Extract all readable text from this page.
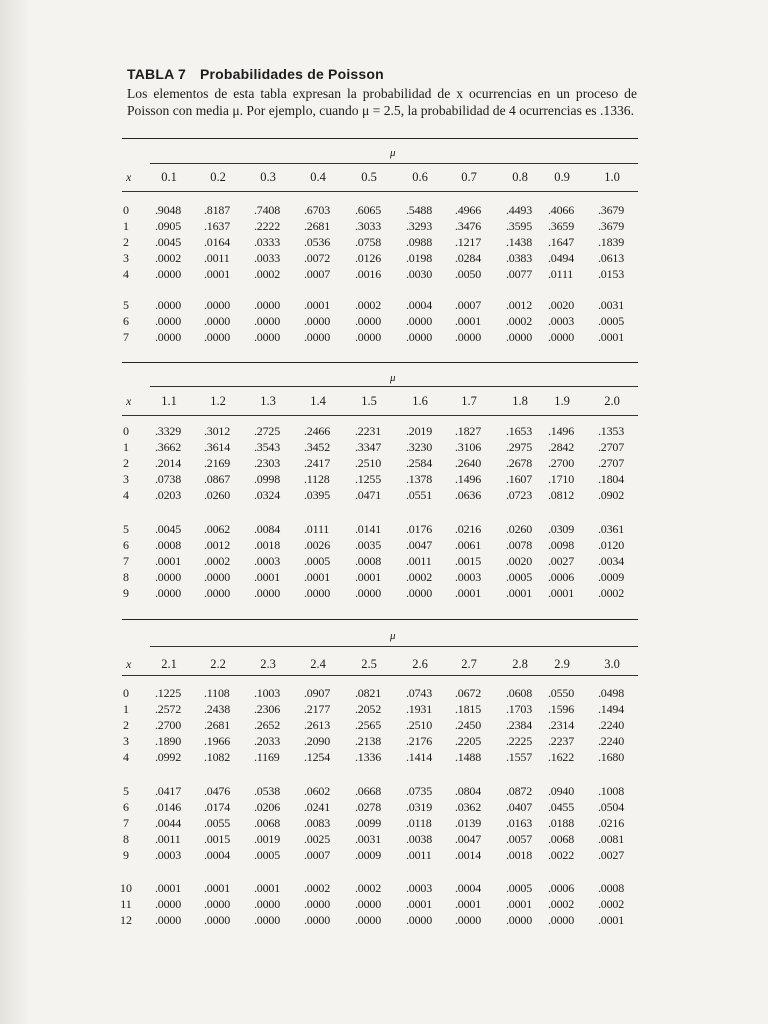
TABLA 7 Probabilidades de Poisson
Los elementos de esta tabla expresan la probabilidad de x ocurrencias en un proceso de Poisson con media μ. Por ejemplo, cuando μ = 2.5, la probabilidad de 4 ocurrencias es .1336.
μ
x	0.1	0.2	0.3	0.4	0.5	0.6	0.7	0.8	0.9	1.0
0	.9048 .8187 .7408 .6703 .6065 .5488 .4966 .4493 .4066 .3679
1	.0905 .1637 .2222 .2681 .3033 .3293 .3476 .3595 .3659 .3679
2	.0045 .0164 .0333 .0536 .0758 .0988 .1217 .1438 .1647 .1839
3	.0002 .0011 .0033 .0072 .0126 .0198 .0284 .0383 .0494 .0613
4	.0000 .0001 .0002 .0007 .0016 .0030 .0050 .0077 .0111 .0153
5	.0000 .0000 .0000 .0001 .0002 .0004 .0007 .0012 .0020 .0031
6	.0000 .0000 .0000 .0000 .0000 .0000 .0001 .0002 .0003 .0005
7	.0000 .0000 .0000 .0000 .0000 .0000 .0000 .0000 .0000 .0001
μ
x	1.1	1.2	1.3	1.4	1.5	1.6	1.7	1.8	1.9	2.0
0	.3329 .3012 .2725 .2466 .2231 .2019 .1827 .1653 .1496 .1353
1	.3662 .3614 .3543 .3452 .3347 .3230 .3106 .2975 .2842 .2707
2	.2014 .2169 .2303 .2417 .2510 .2584 .2640 .2678 .2700 .2707
3	.0738 .0867 .0998 .1128 .1255 .1378 .1496 .1607 .1710 .1804
4	.0203 .0260 .0324 .0395 .0471 .0551 .0636 .0723 .0812 .0902
5	.0045 .0062 .0084 .0111 .0141 .0176 .0216 .0260 .0309 .0361
6	.0008 .0012 .0018 .0026 .0035 .0047 .0061 .0078 .0098 .0120
7	.0001 .0002 .0003 .0005 .0008 .0011 .0015 .0020 .0027 .0034
8	.0000 .0000 .0001 .0001 .0001 .0002 .0003 .0005 .0006 .0009
9	.0000 .0000 .0000 .0000 .0000 .0000 .0001 .0001 .0001 .0002
μ
x	2.1	2.2	2.3	2.4	2.5	2.6	2.7	2.8	2.9	3.0
0	.1225 .1108 .1003 .0907 .0821 .0743 .0672 .0608 .0550 .0498
1	.2572 .2438 .2306 .2177 .2052 .1931 .1815 .1703 .1596 .1494
2	.2700 .2681 .2652 .2613 .2565 .2510 .2450 .2384 .2314 .2240
3	.1890 .1966 .2033 .2090 .2138 .2176 .2205 .2225 .2237 .2240
4	.0992 .1082 .1169 .1254 .1336 .1414 .1488 .1557 .1622 .1680
5	.0417 .0476 .0538 .0602 .0668 .0735 .0804 .0872 .0940 .1008
6	.0146 .0174 .0206 .0241 .0278 .0319 .0362 .0407 .0455 .0504
7	.0044 .0055 .0068 .0083 .0099 .0118 .0139 .0163 .0188 .0216
8	.0011 .0015 .0019 .0025 .0031 .0038 .0047 .0057 .0068 .0081
9	.0003 .0004 .0005 .0007 .0009 .0011 .0014 .0018 .0022 .0027
10 .0001 .0001 .0001 .0002 .0002 .0003 .0004 .0005 .0006 .0008
11 .0000 .0000 .0000 .0000 .0000 .0001 .0001 .0001 .0002 .0002
12 .0000 .0000 .0000 .0000 .0000 .0000 .0000 .0000 .0000 .0001
